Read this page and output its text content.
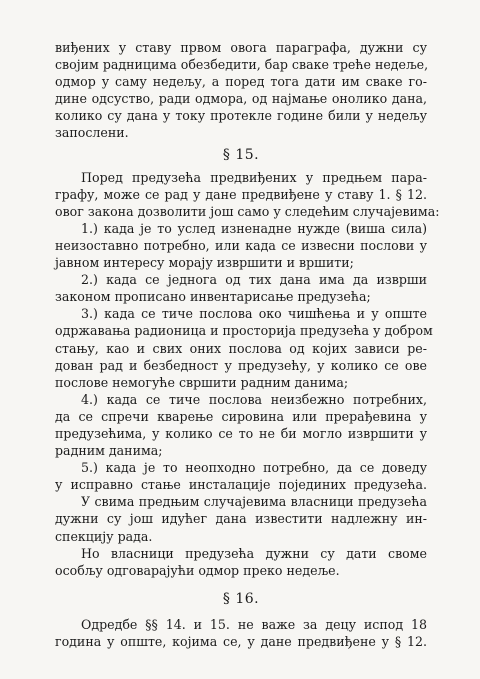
виђених у ставу првом овога параграфа, дужни су
својим радницима обезбедити, бар сваке треће недеље,
одмор у саму недељу, а поред тога дати им сваке го-
дине одсуство, ради одмора, од најмање онолико дана,
колико су дана у току протекле године били у недељу
запослени.
§ 15.
Поред предузећа предвиђених у предњем пара-
графу, може се рад у дане предвиђене у ставу 1. § 12.
овог закона дозволити још само у следећим случајевима:
1.) када је то услед изненадне нужде (виша сила)
неизоставно потребно, или када се извесни послови у
јавном интересу морају извршити и вршити;
2.) када се једнога од тих дана има да изврши
законом прописано инвентарисање предузећа;
3.) када се тиче послова око чишћења и у опште
одржавања радионица и просторија предузећа у добром
стању, као и свих оних послова од којих зависи ре-
дован рад и безбедност у предузећу, у колико се ове
послове немогуће свршити радним данима;
4.) када се тиче послова неизбежно потребних,
да се спречи кварење сировина или прерађевина у
предузећима, у колико се то не би могло извршити у
радним данима;
5.) када је то неопходно потребно, да се доведу
у исправно стање инсталације појединих предузећа.
У свима предњим случајевима власници предузећа
дужни су још идућег дана известити надлежну ин-
спекцију рада.
Но власници предузећа дужни су дати своме
особљу одговарајући одмор преко недеље.
§ 16.
Одредбе §§ 14. и 15. не важе за децу испод 18
година у опште, којима се, у дане предвиђене у § 12.
